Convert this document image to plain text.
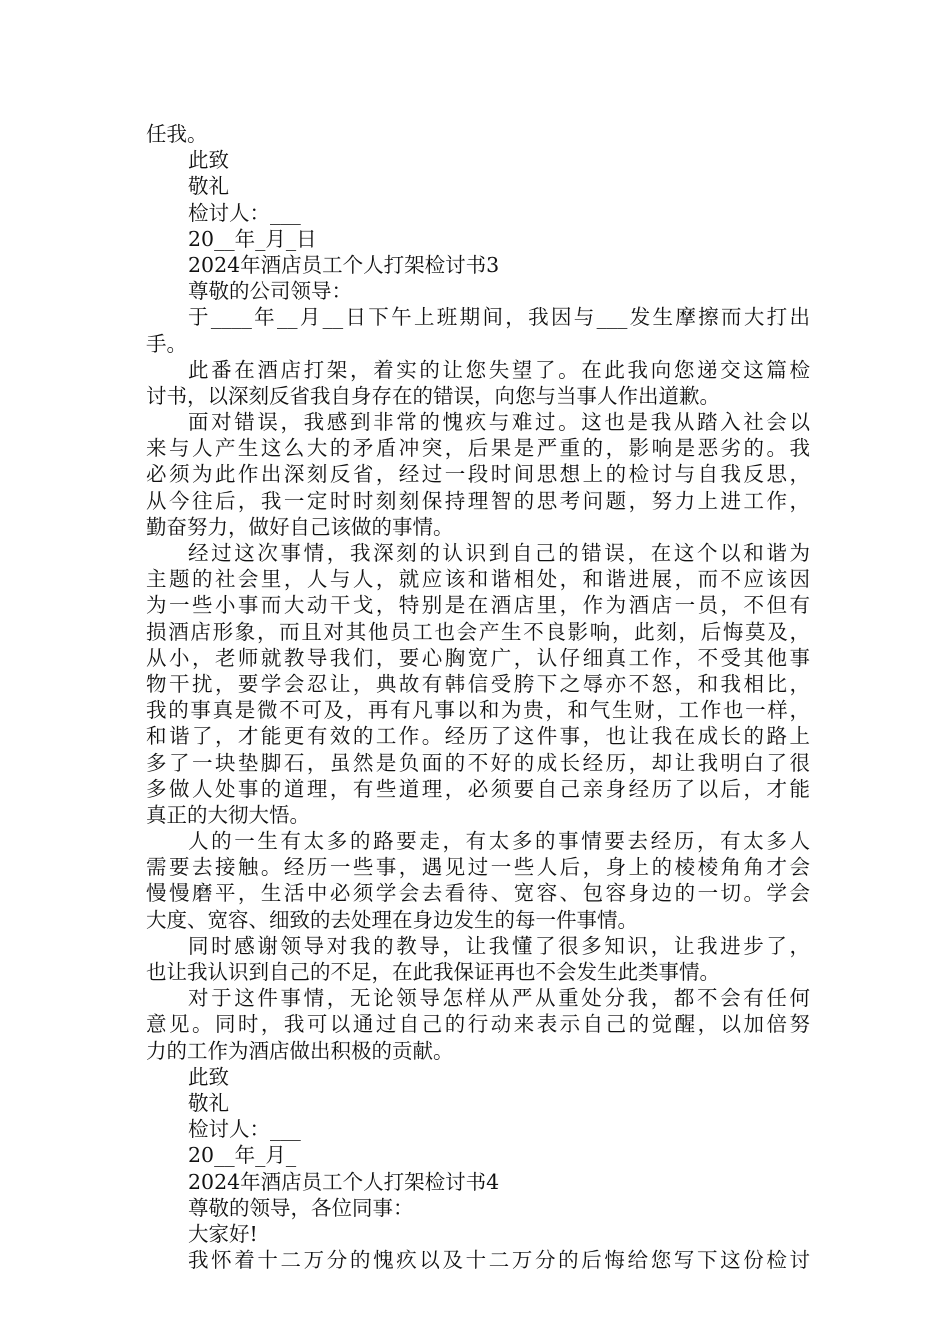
任我。
此致
敬礼
检讨人：___
20__年_月_日
2024年酒店员工个人打架检讨书3
尊敬的公司领导：
于____年__月__日下午上班期间，我因与___发生摩擦而大打出
手。
此番在酒店打架，着实的让您失望了。在此我向您递交这篇检
讨书，以深刻反省我自身存在的错误，向您与当事人作出道歉。
面对错误，我感到非常的愧疚与难过。这也是我从踏入社会以
来与人产生这么大的矛盾冲突，后果是严重的，影响是恶劣的。我
必须为此作出深刻反省，经过一段时间思想上的检讨与自我反思，
从今往后，我一定时时刻刻保持理智的思考问题，努力上进工作，
勤奋努力，做好自己该做的事情。
经过这次事情，我深刻的认识到自己的错误，在这个以和谐为
主题的社会里，人与人，就应该和谐相处，和谐进展，而不应该因
为一些小事而大动干戈，特别是在酒店里，作为酒店一员，不但有
损酒店形象，而且对其他员工也会产生不良影响，此刻，后悔莫及，
从小，老师就教导我们，要心胸宽广，认仔细真工作，不受其他事
物干扰，要学会忍让，典故有韩信受胯下之辱亦不怒，和我相比，
我的事真是微不可及，再有凡事以和为贵，和气生财，工作也一样，
和谐了，才能更有效的工作。经历了这件事，也让我在成长的路上
多了一块垫脚石，虽然是负面的不好的成长经历，却让我明白了很
多做人处事的道理，有些道理，必须要自己亲身经历了以后，才能
真正的大彻大悟。
人的一生有太多的路要走，有太多的事情要去经历，有太多人
需要去接触。经历一些事，遇见过一些人后，身上的棱棱角角才会
慢慢磨平，生活中必须学会去看待、宽容、包容身边的一切。学会
大度、宽容、细致的去处理在身边发生的每一件事情。
同时感谢领导对我的教导，让我懂了很多知识，让我进步了，
也让我认识到自己的不足，在此我保证再也不会发生此类事情。
对于这件事情，无论领导怎样从严从重处分我，都不会有任何
意见。同时，我可以通过自己的行动来表示自己的觉醒，以加倍努
力的工作为酒店做出积极的贡献。
此致
敬礼
检讨人：___
20__年_月_
2024年酒店员工个人打架检讨书4
尊敬的领导，各位同事：
大家好!
我怀着十二万分的愧疚以及十二万分的后悔给您写下这份检讨
